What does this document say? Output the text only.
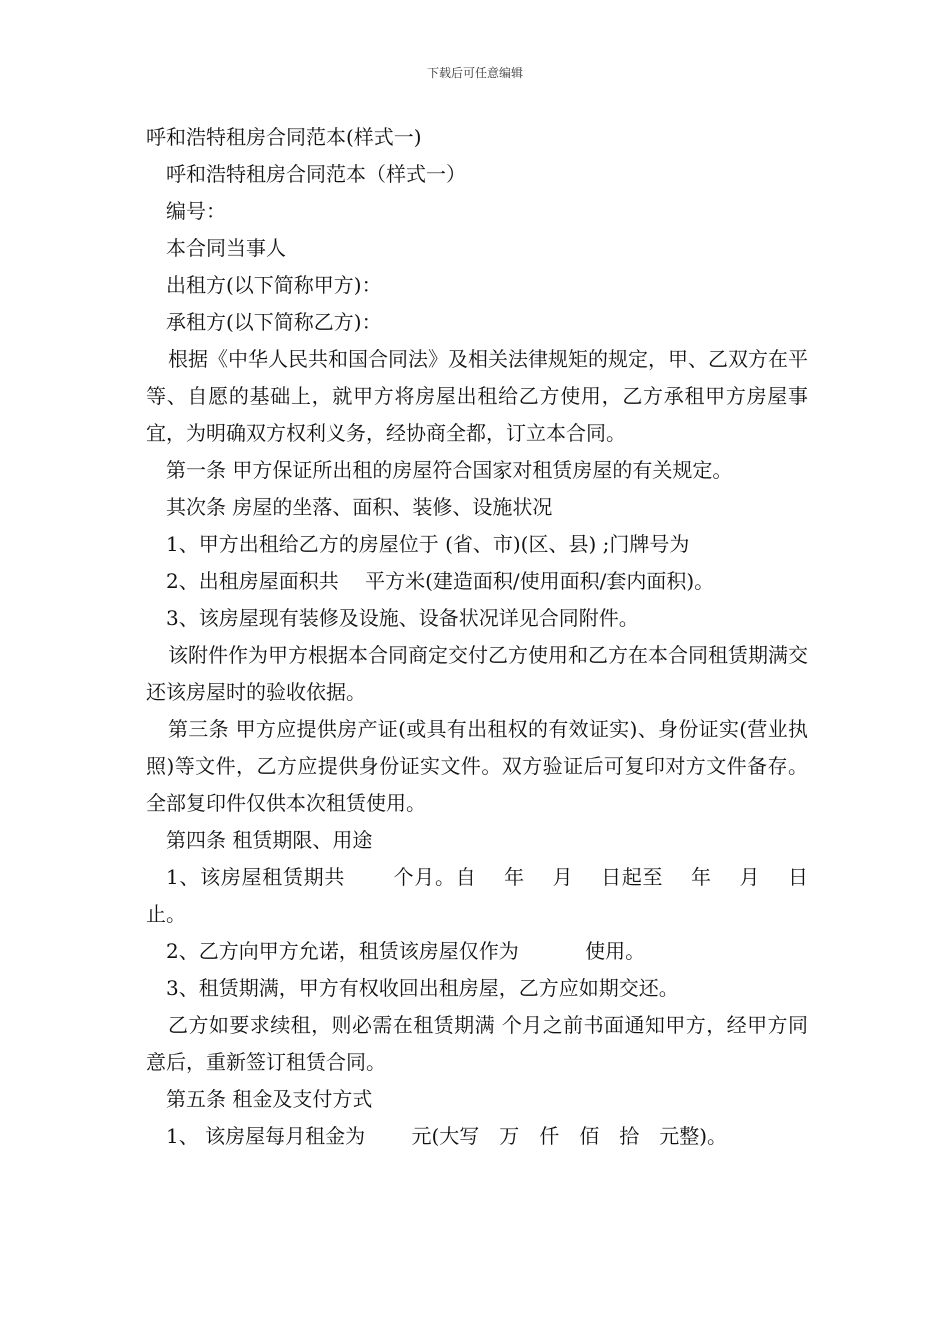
下载后可任意编辑

呼和浩特租房合同范本(样式一)

呼和浩特租房合同范本（样式一）

编号：

本合同当事人

出租方(以下简称甲方)：

承租方(以下简称乙方)：

根据《中华人民共和国合同法》及相关法律规矩的规定，甲、乙双方在平等、自愿的基础上，就甲方将房屋出租给乙方使用，乙方承租甲方房屋事宜，为明确双方权利义务，经协商全都，订立本合同。

第一条 甲方保证所出租的房屋符合国家对租赁房屋的有关规定。

其次条 房屋的坐落、面积、装修、设施状况

1、甲方出租给乙方的房屋位于 (省、市)(区、县) ;门牌号为

2、出租房屋面积共　 平方米(建造面积/使用面积/套内面积)。

3、该房屋现有装修及设施、设备状况详见合同附件。

该附件作为甲方根据本合同商定交付乙方使用和乙方在本合同租赁期满交还该房屋时的验收依据。

第三条 甲方应提供房产证(或具有出租权的有效证实)、身份证实(营业执照)等文件，乙方应提供身份证实文件。双方验证后可复印对方文件备存。全部复印件仅供本次租赁使用。

第四条 租赁期限、用途

1、该房屋租赁期共　　 个月。自　 年　 月　 日起至　 年　 月　 日止。

2、乙方向甲方允诺，租赁该房屋仅作为　　　 使用。

3、租赁期满，甲方有权收回出租房屋，乙方应如期交还。

乙方如要求续租，则必需在租赁期满 个月之前书面通知甲方，经甲方同意后，重新签订租赁合同。

第五条 租金及支付方式

1、 该房屋每月租金为　　 元(大写　万　仟　佰　拾　元整)。
